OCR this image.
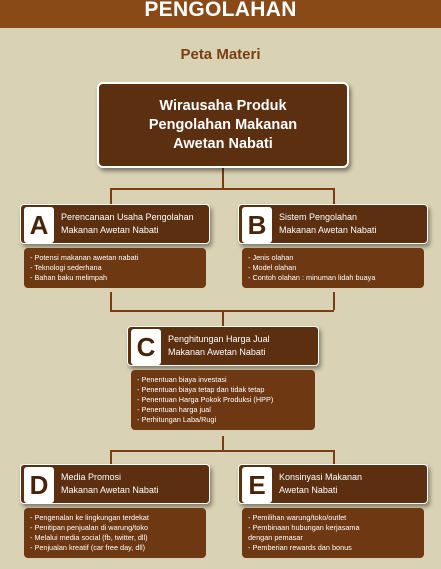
PENGOLAHAN
Peta Materi
Wirausaha Produk
Pengolahan Makanan
Awetan Nabati
A	Perencanaan Usaha Pengolahan
Makanan Awetan Nabati
- Potensi makanan awetan nabati
- Teknologi sederhana
- Bahan baku melimpah
B	Sistem Pengolahan
Makanan Awetan Nabati
- Jenis olahan
- Model olahan
- Contoh olahan : minuman lidah buaya
C	Penghitungan Harga Jual
Makanan Awetan Nabati
- Penentuan biaya investasi
- Penentuan biaya tetap dan tidak tetap
- Penentuan Harga Pokok Produksi (HPP)
- Penentuan harga jual
- Perhitungan Laba/Rugi
D	Media Promosi
Makanan Awetan Nabati
- Pengenalan ke lingkungan terdekat
- Penitipan penjualan di warung/toko
- Melalui media social (fb, twitter, dll)
- Penjualan kreatif (car free day, dll)
E	Konsinyasi Makanan
Awetan Nabati
- Pemilihan warung/toko/outlet
- Pembinaan hubungan kerjasama
dengan pemasar
- Pemberian rewards dan bonus
